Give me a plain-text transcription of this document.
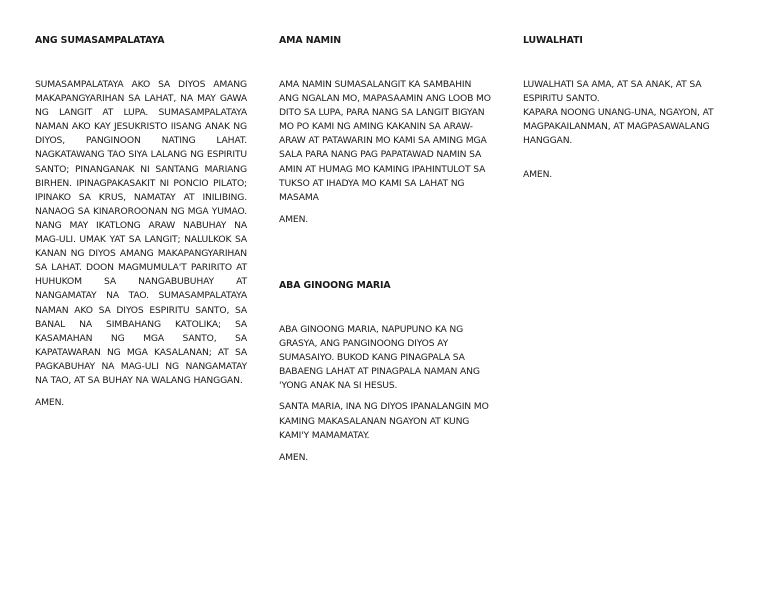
ANG SUMASAMPALATAYA

SUMASAMPALATAYA AKO SA DIYOS AMANG MAKAPANGYARIHAN SA LAHAT, NA MAY GAWA NG LANGIT AT LUPA. SUMASAMPALATAYA NAMAN AKO KAY JESUKRISTO IISANG ANAK NG DIYOS, PANGINOON NATING LAHAT. NAGKATAWANG TAO SIYA LALANG NG ESPIRITU SANTO; PINANGANAK NI SANTANG MARIANG BIRHEN. IPINAGPAKASAKIT NI PONCIO PILATO; IPINAKO SA KRUS, NAMATAY AT INILIBING. NANAOG SA KINAROROONAN NG MGA YUMAO. NANG MAY IKATLONG ARAW NABUHAY NA MAG-ULI. UMAK YAT SA LANGIT; NALULKOK SA KANAN NG DIYOS AMANG MAKAPANGYARIHAN SA LAHAT. DOON MAGMUMULA'T PARIRITO AT HUHUKOM SA NANGABUBUHAY AT NANGAMATAY NA TAO. SUMASAMPALATAYA NAMAN AKO SA DIYOS ESPIRITU SANTO, SA BANAL NA SIMBAHANG KATOLIKA; SA KASAMAHAN NG MGA SANTO, SA KAPATAWARAN NG MGA KASALANAN; AT SA PAGKABUHAY NA MAG-ULI NG NANGAMATAY NA TAO, AT SA BUHAY NA WALANG HANGGAN.

AMEN.

AMA NAMIN

AMA NAMIN SUMASALANGIT KA SAMBAHIN ANG NGALAN MO, MAPASAAMIN ANG LOOB MO DITO SA LUPA, PARA NANG SA LANGIT BIGYAN MO PO KAMI NG AMING KAKANIN SA ARAW-ARAW AT PATAWARIN MO KAMI SA AMING MGA SALA PARA NANG PAG PAPATAWAD NAMIN SA AMIN AT HUMAG MO KAMING IPAHINTULOT SA TUKSO AT IHADYA MO KAMI SA LAHAT NG MASAMA

AMEN.

ABA GINOONG MARIA

ABA GINOONG MARIA, NAPUPUNO KA NG GRASYA, ANG PANGINOONG DIYOS AY SUMASAIYO. BUKOD KANG PINAGPALA SA BABAENG LAHAT AT PINAGPALA NAMAN ANG 'YONG ANAK NA SI HESUS.

SANTA MARIA, INA NG DIYOS IPANALANGIN MO KAMING MAKASALANAN NGAYON AT KUNG KAMI'Y MAMAMATAY.

AMEN.

LUWALHATI

LUWALHATI SA AMA, AT SA ANAK, AT SA ESPIRITU SANTO.

KAPARA NOONG UNANG-UNA, NGAYON, AT MAGPAKAILANMAN, AT MAGPASAWALANG HANGGAN.

AMEN.
